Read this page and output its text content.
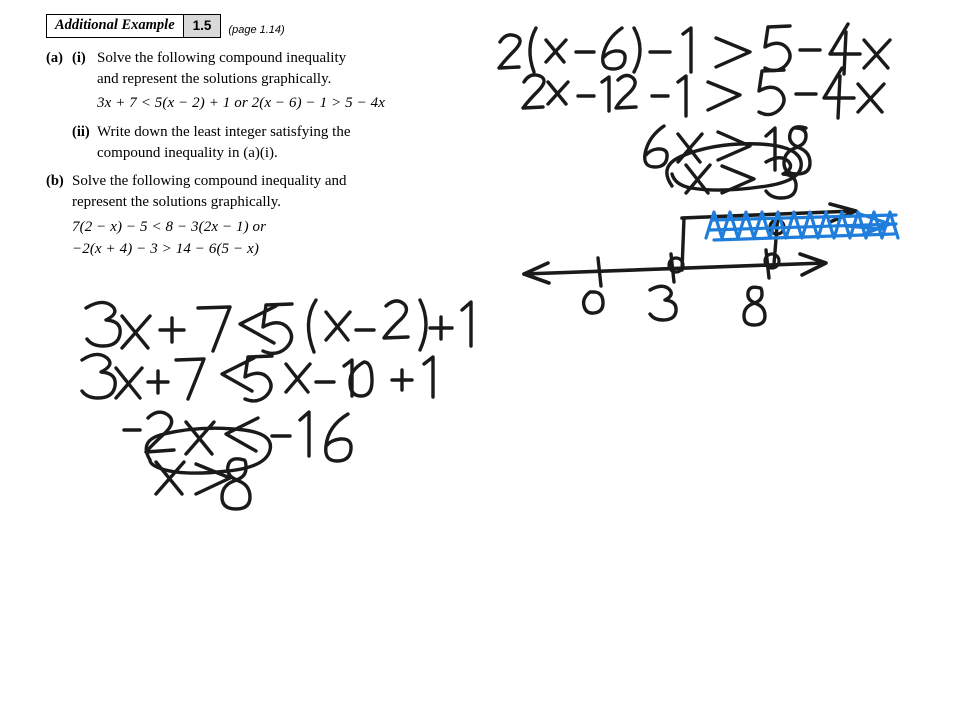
Additional Example	1.5	(page 1.14)
(a) (i) Solve the following compound inequality
and represent the solutions graphically.
3x + 7 < 5(x − 2) + 1 or 2(x − 6) − 1 > 5 − 4x
(ii) Write down the least integer satisfying the
compound inequality in (a)(i).
(b) Solve the following compound inequality and
represent the solutions graphically.
7(2 − x) − 5 < 8 − 3(2x − 1) or
−2(x + 4) − 3 > 14 − 6(5 − x)
